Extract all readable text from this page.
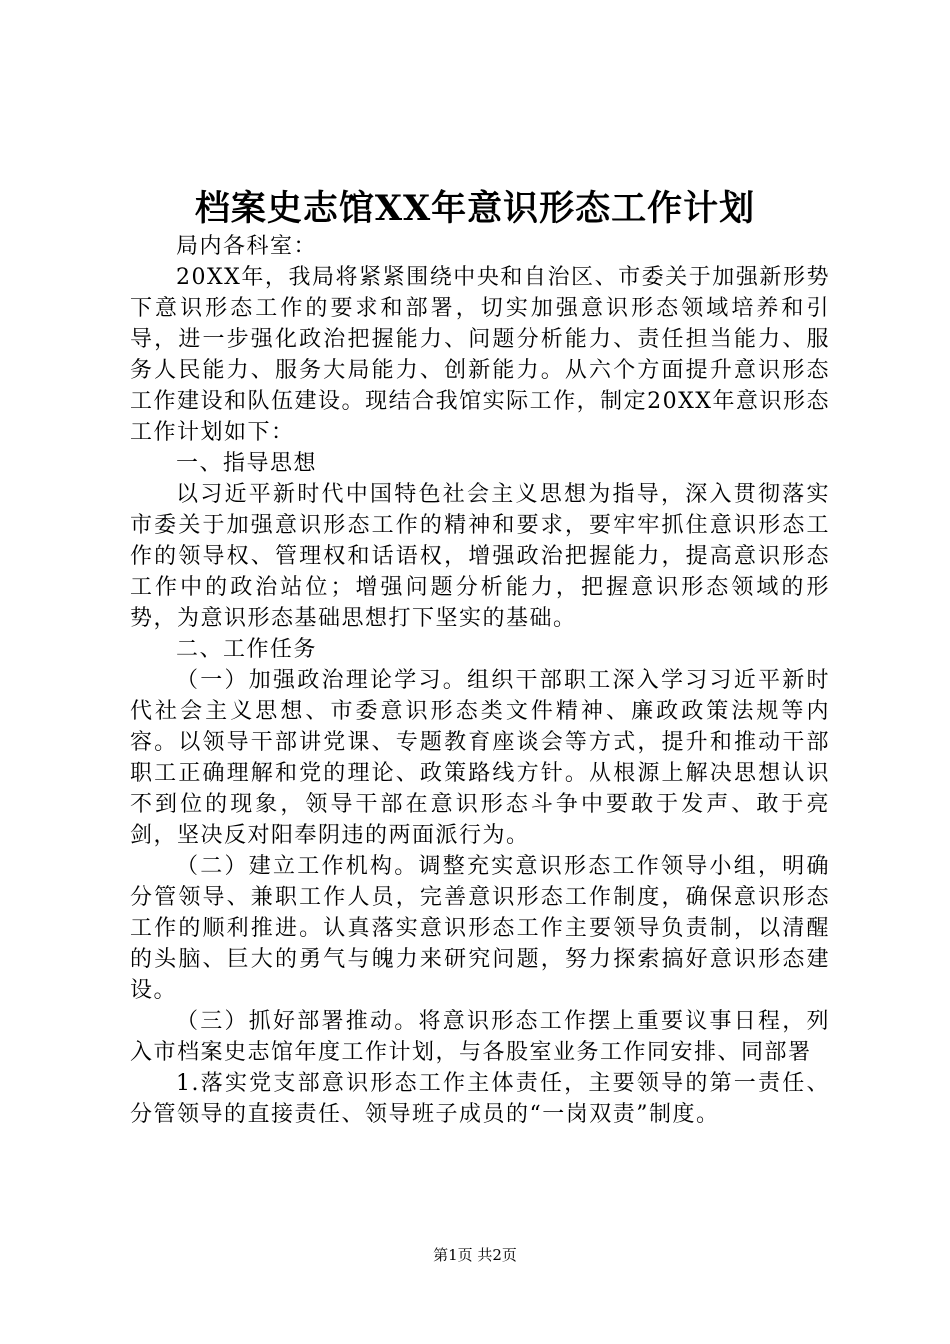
档案史志馆XX年意识形态工作计划

局内各科室：

20XX年，我局将紧紧围绕中央和自治区、市委关于加强新形势下意识形态工作的要求和部署，切实加强意识形态领域培养和引导，进一步强化政治把握能力、问题分析能力、责任担当能力、服务人民能力、服务大局能力、创新能力。从六个方面提升意识形态工作建设和队伍建设。现结合我馆实际工作，制定20XX年意识形态工作计划如下：

一、指导思想

以习近平新时代中国特色社会主义思想为指导，深入贯彻落实市委关于加强意识形态工作的精神和要求，要牢牢抓住意识形态工作的领导权、管理权和话语权，增强政治把握能力，提高意识形态工作中的政治站位；增强问题分析能力，把握意识形态领域的形势，为意识形态基础思想打下坚实的基础。

二、工作任务

（一）加强政治理论学习。组织干部职工深入学习习近平新时代社会主义思想、市委意识形态类文件精神、廉政政策法规等内容。以领导干部讲党课、专题教育座谈会等方式，提升和推动干部职工正确理解和党的理论、政策路线方针。从根源上解决思想认识不到位的现象，领导干部在意识形态斗争中要敢于发声、敢于亮剑，坚决反对阳奉阴违的两面派行为。

（二）建立工作机构。调整充实意识形态工作领导小组，明确分管领导、兼职工作人员，完善意识形态工作制度，确保意识形态工作的顺利推进。认真落实意识形态工作主要领导负责制，以清醒的头脑、巨大的勇气与魄力来研究问题，努力探索搞好意识形态建设。

（三）抓好部署推动。将意识形态工作摆上重要议事日程，列入市档案史志馆年度工作计划，与各股室业务工作同安排、同部署

1.落实党支部意识形态工作主体责任，主要领导的第一责任、分管领导的直接责任、领导班子成员的“一岗双责”制度。

第1页 共2页
